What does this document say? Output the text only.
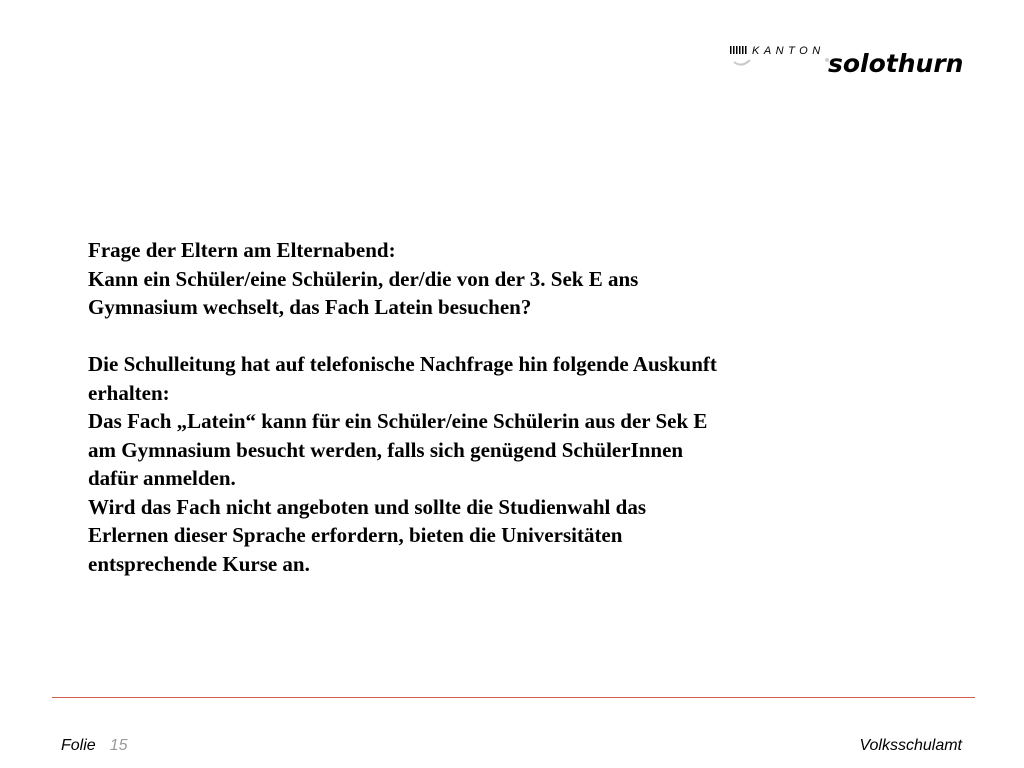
KANTON solothurn

Frage der Eltern am Elternabend:

Kann ein Schüler/eine Schülerin, der/die von der 3. Sek E ans

Gymnasium wechselt, das Fach Latein besuchen?

Die Schulleitung hat auf telefonische Nachfrage hin folgende Auskunft

erhalten:

Das Fach „Latein“ kann für ein Schüler/eine Schülerin aus der Sek E

am Gymnasium besucht werden, falls sich genügend SchülerInnen

dafür anmelden.

Wird das Fach nicht angeboten und sollte die Studienwahl das

Erlernen dieser Sprache erfordern, bieten die Universitäten

entsprechende Kurse an.

Folie 15	Volksschulamt
